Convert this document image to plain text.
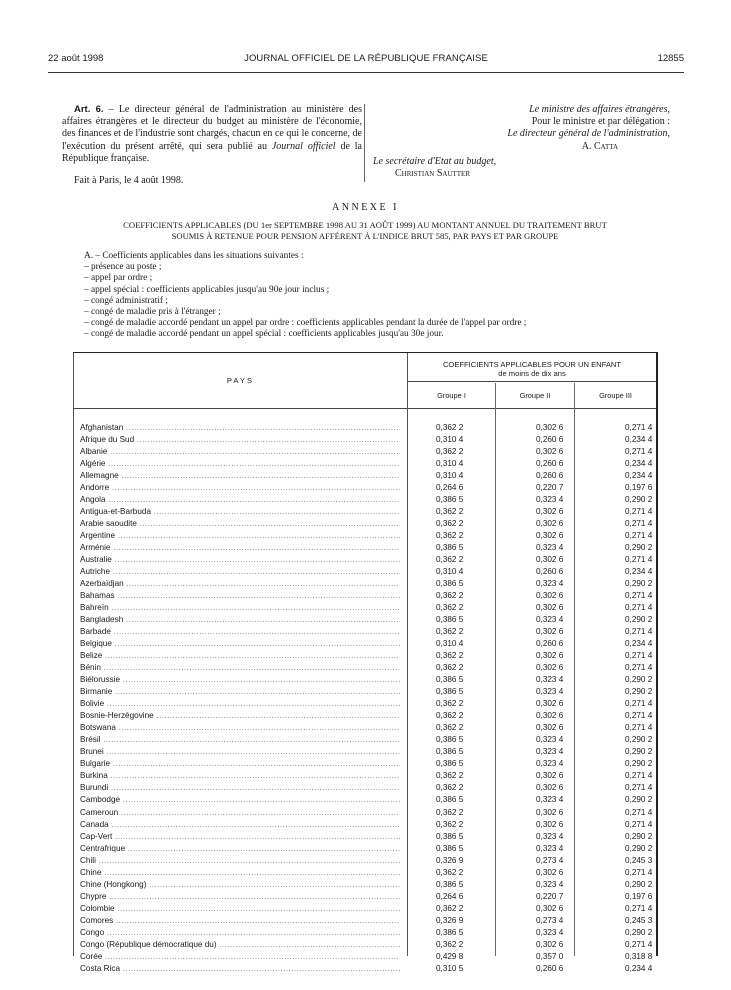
22 août 1998	JOURNAL OFFICIEL DE LA RÉPUBLIQUE FRANÇAISE	12855

Art. 6. – Le directeur général de l'administration au ministère des affaires étrangères et le directeur du budget au ministère de l'économie, des finances et de l'industrie sont chargés, chacun en ce qui le concerne, de l'exécution du présent arrêté, qui sera publié au Journal officiel de la République française.

Fait à Paris, le 4 août 1998.

Le ministre des affaires étrangères,
Pour le ministre et par délégation :
Le directeur général de l'administration,
A. Catta
Le secrétaire d'Etat au budget,
Christian Sautter
ANNEXE I
COEFFICIENTS APPLICABLES (DU 1er SEPTEMBRE 1998 AU 31 AOÛT 1999) AU MONTANT ANNUEL DU TRAITEMENT BRUT
SOUMIS À RETENUE POUR PENSION AFFÉRENT À L'INDICE BRUT 585, PAR PAYS ET PAR GROUPE
A. – Coefficients applicables dans les situations suivantes :
– présence au poste ;
– appel par ordre ;
– appel spécial : coefficients applicables jusqu'au 90e jour inclus ;
– congé administratif ;
– congé de maladie pris à l'étranger ;
– congé de maladie accordé pendant un appel par ordre : coefficients applicables pendant la durée de l'appel par ordre ;
– congé de maladie accordé pendant un appel spécial : coefficients applicables jusqu'au 30e jour.
PAYS
COEFFICIENTS APPLICABLES POUR UN ENFANT
de moins de dix ans
Groupe I	Groupe II	Groupe III
Afghanistan .....	0,362 2	0,302 6	0,271 4
Afrique du Sud .....	0,310 4	0,260 6	0,234 4
Albanie .....	0,362 2	0,302 6	0,271 4
Algérie .....	0,310 4	0,260 6	0,234 4
Allemagne .....	0,310 4	0,260 6	0,234 4
Andorre .....	0,264 6	0,220 7	0,197 6
Angola .....	0,386 5	0,323 4	0,290 2
Antigua-et-Barbuda .....	0,362 2	0,302 6	0,271 4
Arabie saoudite .....	0,362 2	0,302 6	0,271 4
Argentine .....	0,362 2	0,302 6	0,271 4
Arménie .....	0,386 5	0,323 4	0,290 2
Australie .....	0,362 2	0,302 6	0,271 4
Autriche .....	0,310 4	0,260 6	0,234 4
Azerbaïdjan .....	0,386 5	0,323 4	0,290 2
Bahamas .....	0,362 2	0,302 6	0,271 4
Bahreïn .....	0,362 2	0,302 6	0,271 4
Bangladesh .....	0,386 5	0,323 4	0,290 2
Barbade .....	0,362 2	0,302 6	0,271 4
Belgique .....	0,310 4	0,260 6	0,234 4
Belize .....	0,362 2	0,302 6	0,271 4
Bénin .....	0,362 2	0,302 6	0,271 4
Biélorussie .....	0,386 5	0,323 4	0,290 2
Birmanie .....	0,386 5	0,323 4	0,290 2
Bolivie .....	0,362 2	0,302 6	0,271 4
Bosnie-Herzégovine .....	0,362 2	0,302 6	0,271 4
Botswana .....	0,362 2	0,302 6	0,271 4
Brésil .....	0,386 5	0,323 4	0,290 2
Brunei .....	0,386 5	0,323 4	0,290 2
Bulgarie .....	0,386 5	0,323 4	0,290 2
Burkina .....	0,362 2	0,302 6	0,271 4
Burundi .....	0,362 2	0,302 6	0,271 4
Cambodge .....	0,386 5	0,323 4	0,290 2
Cameroun .....	0,362 2	0,302 6	0,271 4
Canada .....	0,362 2	0,302 6	0,271 4
Cap-Vert .....	0,386 5	0,323 4	0,290 2
Centrafrique .....	0,386 5	0,323 4	0,290 2
Chili .....	0,326 9	0,273 4	0,245 3
Chine .....	0,362 2	0,302 6	0,271 4
Chine (Hongkong) .....	0,386 5	0,323 4	0,290 2
Chypre .....	0,264 6	0,220 7	0,197 6
Colombie .....	0,362 2	0,302 6	0,271 4
Comores .....	0,326 9	0,273 4	0,245 3
Congo .....	0,386 5	0,323 4	0,290 2
Congo (République démocratique du) .....	0,362 2	0,302 6	0,271 4
Corée .....	0,429 8	0,357 0	0,318 8
Costa Rica .....	0,310 5	0,260 6	0,234 4
